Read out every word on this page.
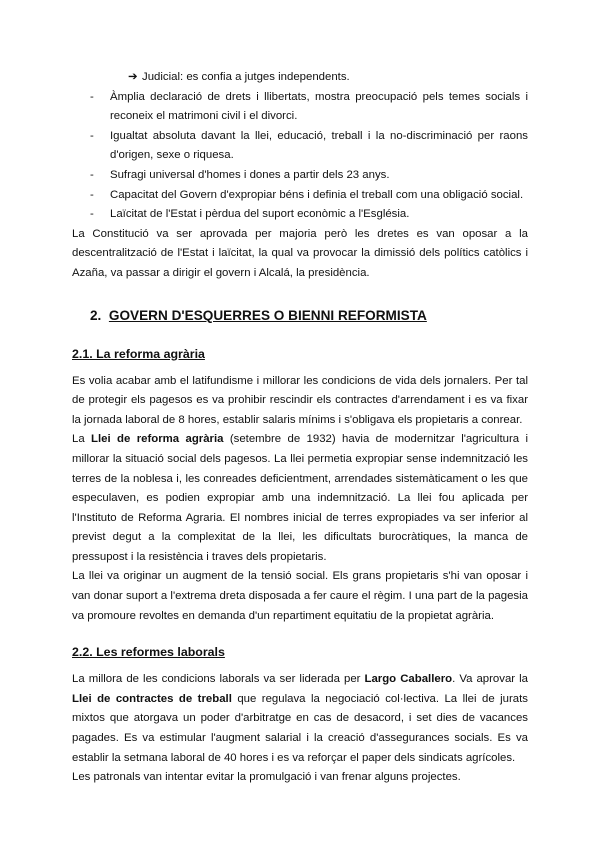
➔ Judicial: es confia a jutges independents.
- Àmplia declaració de drets i llibertats, mostra preocupació pels temes socials i reconeix el matrimoni civil i el divorci.
- Igualtat absoluta davant la llei, educació, treball i la no-discriminació per raons d'origen, sexe o riquesa.
- Sufragi universal d'homes i dones a partir dels 23 anys.
- Capacitat del Govern d'expropiar béns i definia el treball com una obligació social.
- Laïcitat de l'Estat i pèrdua del suport econòmic a l'Església.

La Constitució va ser aprovada per majoria però les dretes es van oposar a la descentralització de l'Estat i laïcitat, la qual va provocar la dimissió dels polítics catòlics i Azaña, va passar a dirigir el govern i Alcalá, la presidència.

2. GOVERN D'ESQUERRES O BIENNI REFORMISTA
2.1. La reforma agrària

Es volia acabar amb el latifundisme i millorar les condicions de vida dels jornalers. Per tal de protegir els pagesos es va prohibir rescindir els contractes d'arrendament i es va fixar la jornada laboral de 8 hores, establir salaris mínims i s'obligava els propietaris a conrear.

La Llei de reforma agrària (setembre de 1932) havia de modernitzar l'agricultura i millorar la situació social dels pagesos. La llei permetia expropiar sense indemnització les terres de la noblesa i, les conreades deficientment, arrendades sistemàticament o les que especulaven, es podien expropiar amb una indemnització. La llei fou aplicada per l'Instituto de Reforma Agraria. El nombres inicial de terres expropiades va ser inferior al previst degut a la complexitat de la llei, les dificultats burocràtiques, la manca de pressupost i la resistència i traves dels propietaris.

La llei va originar un augment de la tensió social. Els grans propietaris s'hi van oposar i van donar suport a l'extrema dreta disposada a fer caure el règim. I una part de la pagesia va promoure revoltes en demanda d'un repartiment equitatiu de la propietat agrària.

2.2. Les reformes laborals

La millora de les condicions laborals va ser liderada per Largo Caballero. Va aprovar la Llei de contractes de treball que regulava la negociació col·lectiva. La llei de jurats mixtos que atorgava un poder d'arbitratge en cas de desacord, i set dies de vacances pagades. Es va estimular l'augment salarial i la creació d'assegurances socials. Es va establir la setmana laboral de 40 hores i es va reforçar el paper dels sindicats agrícoles.

Les patronals van intentar evitar la promulgació i van frenar alguns projectes.
